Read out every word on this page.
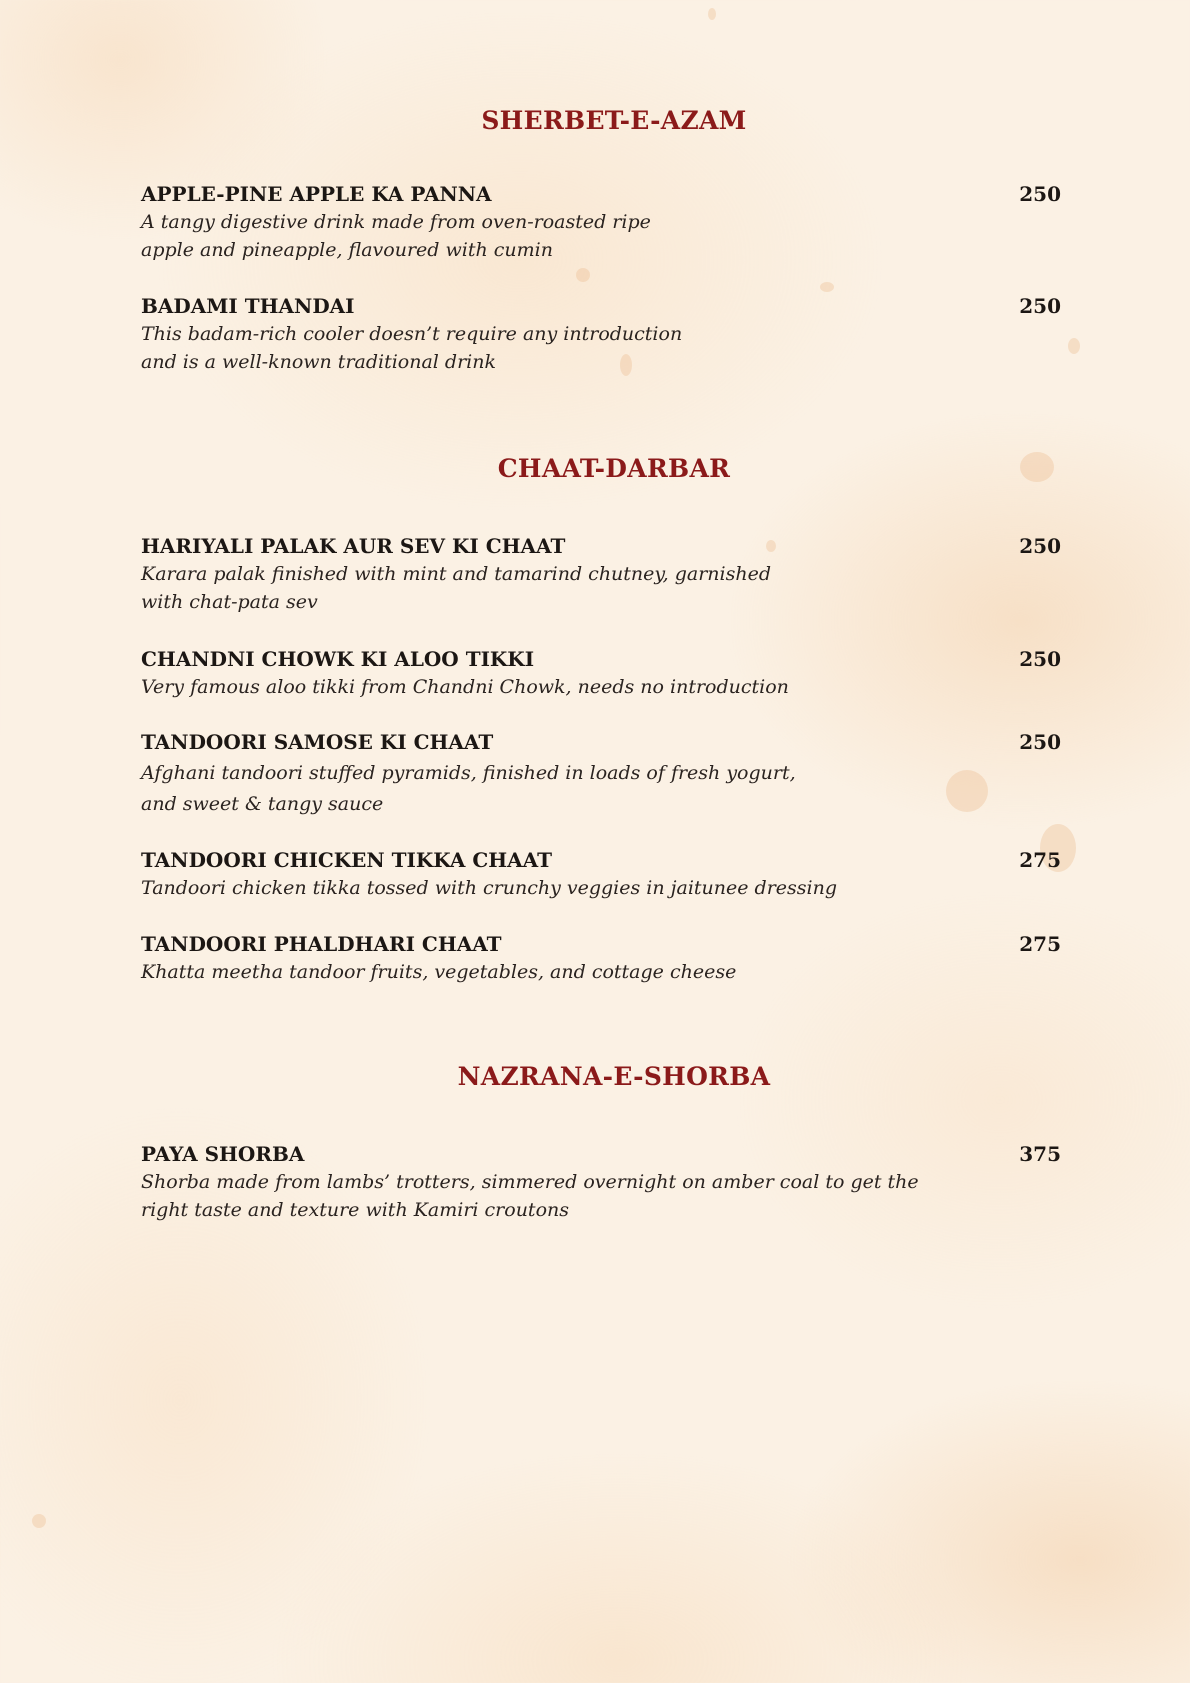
SHERBET-E-AZAM
APPLE-PINE APPLE KA PANNA	250
A tangy digestive drink made from oven-roasted ripe
apple and pineapple, flavoured with cumin
BADAMI THANDAI	250
This badam-rich cooler doesn’t require any introduction
and is a well-known traditional drink
CHAAT-DARBAR
HARIYALI PALAK AUR SEV KI CHAAT	250
Karara palak finished with mint and tamarind chutney, garnished
with chat-pata sev
CHANDNI CHOWK KI ALOO TIKKI	250
Very famous aloo tikki from Chandni Chowk, needs no introduction
TANDOORI SAMOSE KI CHAAT	250
Afghani tandoori stuffed pyramids, finished in loads of fresh yogurt,
and sweet & tangy sauce
TANDOORI CHICKEN TIKKA CHAAT	275
Tandoori chicken tikka tossed with crunchy veggies in jaitunee dressing
TANDOORI PHALDHARI CHAAT	275
Khatta meetha tandoor fruits, vegetables, and cottage cheese
NAZRANA-E-SHORBA
PAYA SHORBA	375
Shorba made from lambs’ trotters, simmered overnight on amber coal to get the
right taste and texture with Kamiri croutons
